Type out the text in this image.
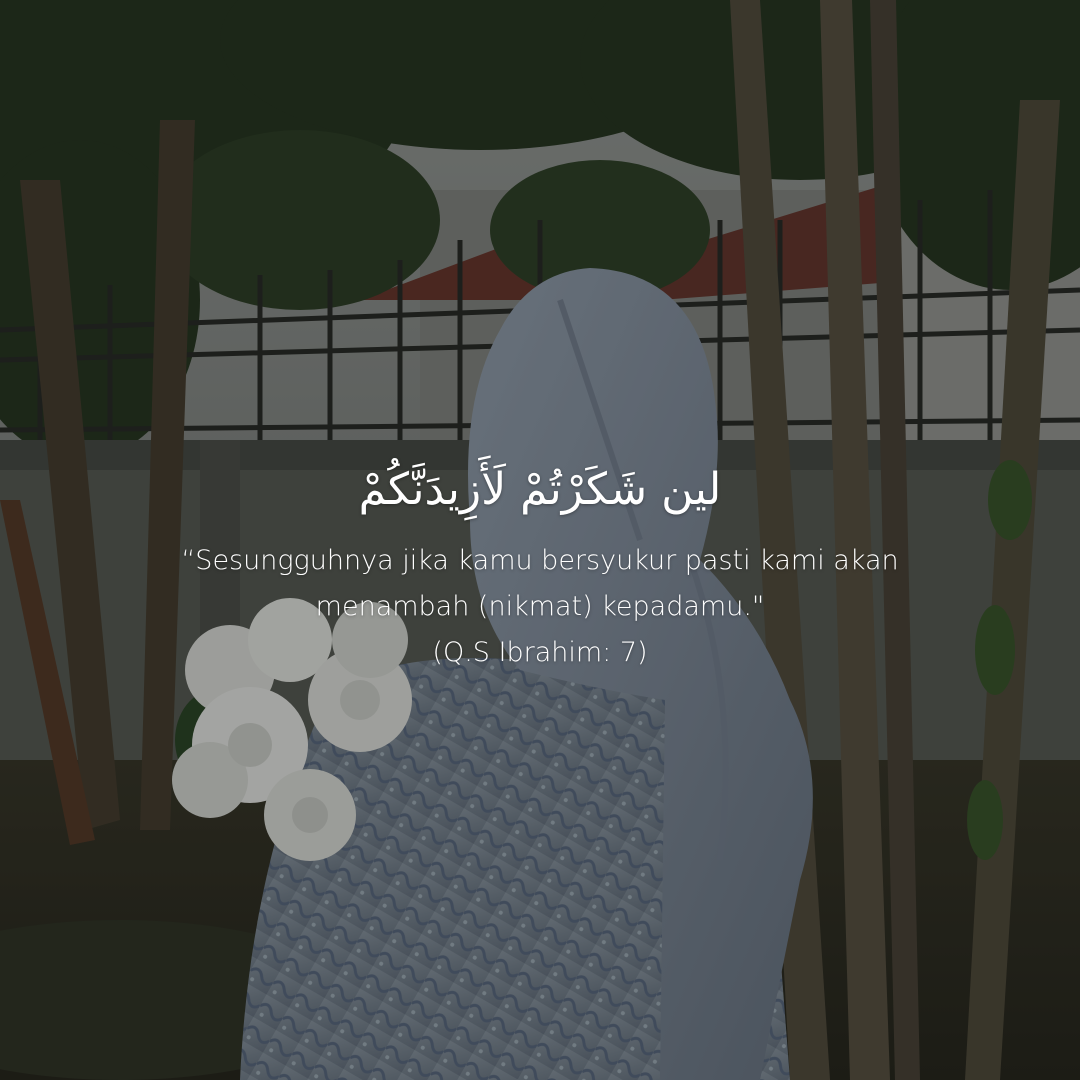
لين شَكَرْتُمْ لَأَزِيدَنَّكُمْ
“Sesungguhnya jika kamu bersyukur pasti kami akan
menambah (nikmat) kepadamu."
(Q.S Ibrahim: 7)
